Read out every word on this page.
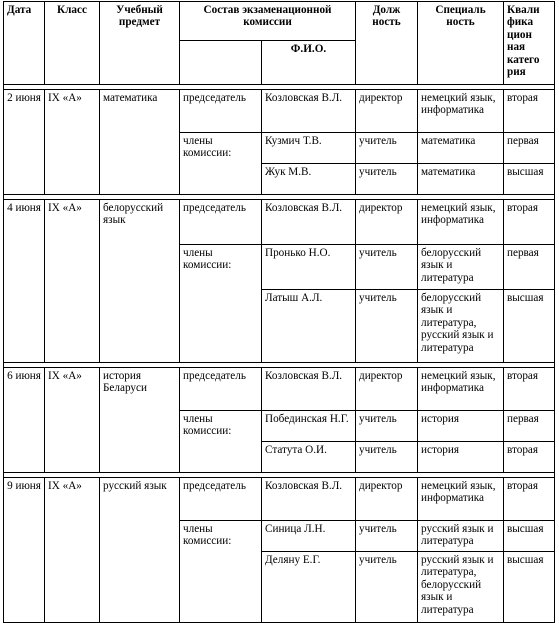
Дата	Класс	Учебный предмет	Состав экзаменационной комиссии		Долж ность	Специаль ность	Квали фика цион ная катего рия
				Ф.И.О.			

2 июня	IX «А»	математика	председатель	Козловская В.Л.	директор	немецкий язык, информатика	вторая
			члены комиссии:	Кузмич Т.В.	учитель	математика	первая
				Жук М.В.	учитель	математика	высшая

4 июня	IX «А»	белорусский язык	председатель	Козловская В.Л.	директор	немецкий язык, информатика	вторая
			члены комиссии:	Пронько Н.О.	учитель	белорусский язык и литература	первая
				Латыш А.Л.	учитель	белорусский язык и литература, русский язык и литература	высшая

6 июня	IX «А»	история Беларуси	председатель	Козловская В.Л.	директор	немецкий язык, информатика	вторая
			члены комиссии:	Побединская Н.Г.	учитель	история	первая
				Статута О.И.	учитель	история	вторая

9 июня	IX «А»	русский язык	председатель	Козловская В.Л.	директор	немецкий язык, информатика	вторая
			члены комиссии:	Синица Л.Н.	учитель	русский язык и литература	высшая
				Деляну Е.Г.	учитель	русский язык и литературa, белорусский язык и литература	высшая
